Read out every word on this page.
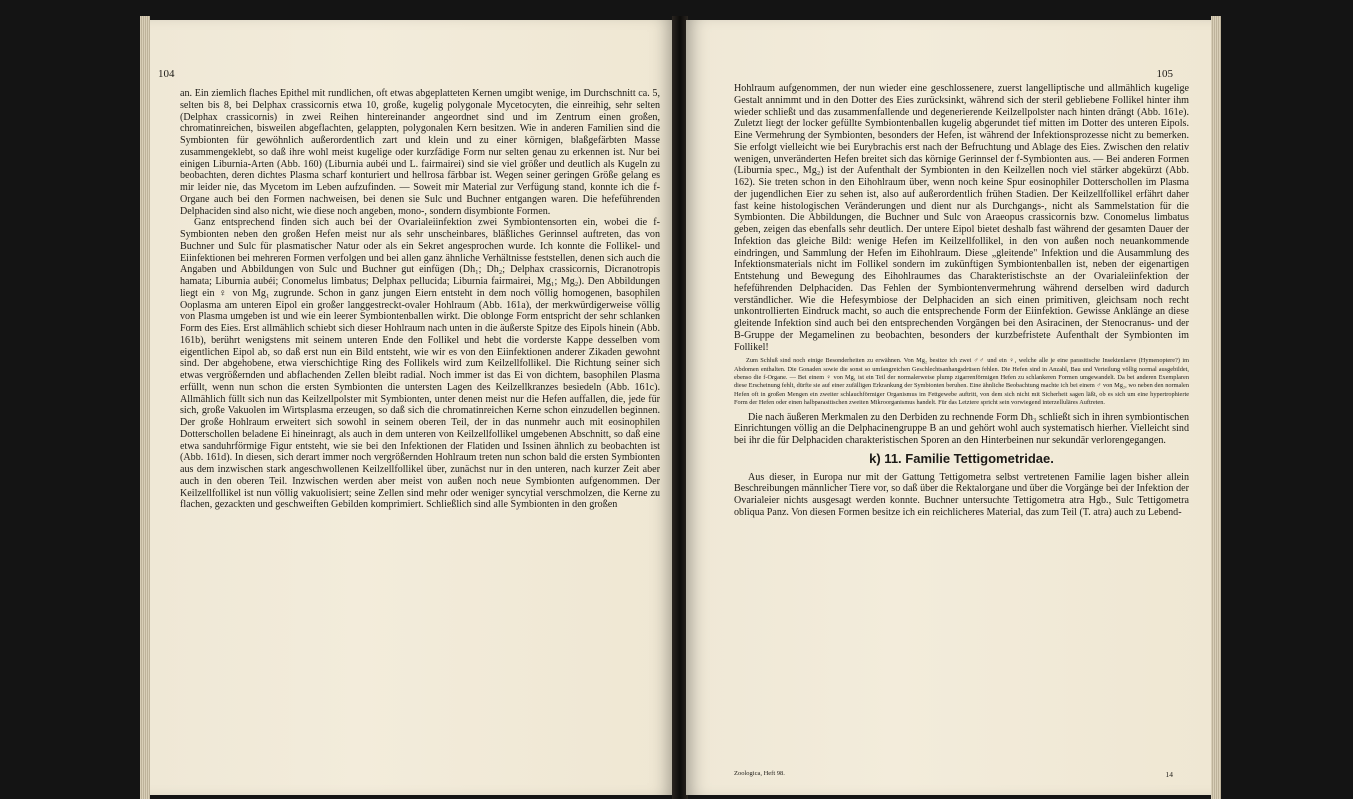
104

an. Ein ziemlich flaches Epithel mit rundlichen, oft etwas abgeplatteten Kernen umgibt wenige, im Durchschnitt ca. 5, selten bis 8, bei Delphax crassicornis etwa 10, große, kugelig polygonale Mycetocyten, die einreihig, sehr selten (Delphax crassicornis) in zwei Reihen hintereinander angeordnet sind und im Zentrum einen großen, chromatinreichen, bisweilen abgeflachten, gelappten, polygonalen Kern besitzen. Wie in anderen Familien sind die Symbionten für gewöhnlich außerordentlich zart und klein und zu einer körnigen, blaßgefärbten Masse zusammengeklebt, so daß ihre wohl meist kugelige oder kurzfädige Form nur selten genau zu erkennen ist. Nur bei einigen Liburnia-Arten (Abb. 160) (Liburnia aubéi und L. fairmairei) sind sie viel größer und deutlich als Kugeln zu beobachten, deren dichtes Plasma scharf konturiert und hellrosa färbbar ist. Wegen seiner geringen Größe gelang es mir leider nie, das Mycetom im Leben aufzufinden. — Soweit mir Material zur Verfügung stand, konnte ich die f-Organe auch bei den Formen nachweisen, bei denen sie Sulc und Buchner entgangen waren. Die hefeführenden Delphaciden sind also nicht, wie diese noch angeben, mono-, sondern disymbionte Formen.

Ganz entsprechend finden sich auch bei der Ovarialeiinfektion zwei Symbiontensorten ein, wobei die f-Symbionten neben den großen Hefen meist nur als sehr unscheinbares, bläßliches Gerinnsel auftreten, das von Buchner und Sulc für plasmatischer Natur oder als ein Sekret angesprochen wurde. Ich konnte die Follikel- und Eiinfektionen bei mehreren Formen verfolgen und bei allen ganz ähnliche Verhältnisse feststellen, denen sich auch die Angaben und Abbildungen von Sulc und Buchner gut einfügen (Dh₁; Dh₂; Delphax crassicornis, Dicranotropis hamata; Liburnia aubéi; Conomelus limbatus; Delphax pellucida; Liburnia fairmairei, Mg₁; Mg₂). Den Abbildungen liegt ein ♀ von Mg₁ zugrunde. Schon in ganz jungen Eiern entsteht in dem noch völlig homogenen, basophilen Ooplasma am unteren Eipol ein großer langgestreckt-ovaler Hohlraum (Abb. 161a), der merkwürdigerweise völlig von Plasma umgeben ist und wie ein leerer Symbiontenballen wirkt. Die oblonge Form entspricht der sehr schlanken Form des Eies. Erst allmählich schiebt sich dieser Hohlraum nach unten in die äußerste Spitze des Eipols hinein (Abb. 161b), berührt wenigstens mit seinem unteren Ende den Follikel und hebt die vorderste Kappe desselben vom eigentlichen Eipol ab, so daß erst nun ein Bild entsteht, wie wir es von den Eiinfektionen anderer Zikaden gewohnt sind. Der abgehobene, etwa vierschichtige Ring des Follikels wird zum Keilzellfollikel. Die Richtung seiner sich etwas vergrößernden und abflachenden Zellen bleibt radial. Noch immer ist das Ei von dichtem, basophilen Plasma erfüllt, wenn nun schon die ersten Symbionten die untersten Lagen des Keilzellkranzes besiedeln (Abb. 161c). Allmählich füllt sich nun das Keilzellpolster mit Symbionten, unter denen meist nur die Hefen auffallen, die, jede für sich, große Vakuolen im Wirtsplasma erzeugen, so daß sich die chromatinreichen Kerne schon einzudellen beginnen. Der große Hohlraum erweitert sich sowohl in seinem oberen Teil, der in das nunmehr auch mit eosinophilen Dotterschollen beladene Ei hineinragt, als auch in dem unteren von Keilzellfollikel umgebenen Abschnitt, so daß eine etwa sanduhrförmige Figur entsteht, wie sie bei den Infektionen der Flatiden und Issinen ähnlich zu beobachten ist (Abb. 161d). In diesen, sich derart immer noch vergrößernden Hohlraum treten nun schon bald die ersten Symbionten aus dem inzwischen stark angeschwollenen Keilzellfollikel über, zunächst nur in den unteren, nach kurzer Zeit aber auch in den oberen Teil. Inzwischen werden aber meist von außen noch neue Symbionten aufgenommen. Der Keilzellfollikel ist nun völlig vakuolisiert; seine Zellen sind mehr oder weniger syncytial verschmolzen, die Kerne zu flachen, gezackten und geschweiften Gebilden komprimiert. Schließlich sind alle Symbionten in den großen

105

Hohlraum aufgenommen, der nun wieder eine geschlossenere, zuerst langelliptische und allmählich kugelige Gestalt annimmt und in den Dotter des Eies zurücksinkt, während sich der steril gebliebene Follikel hinter ihm wieder schließt und das zusammenfallende und degenerierende Keilzellpolster nach hinten drängt (Abb. 161e). Zuletzt liegt der locker gefüllte Symbiontenballen kugelig abgerundet tief mitten im Dotter des unteren Eipols. Eine Vermehrung der Symbionten, besonders der Hefen, ist während der Infektionsprozesse nicht zu bemerken. Sie erfolgt vielleicht wie bei Eurybrachis erst nach der Befruchtung und Ablage des Eies. Zwischen den relativ wenigen, unveränderten Hefen breitet sich das körnige Gerinnsel der f-Symbionten aus. — Bei anderen Formen (Liburnia spec., Mg₂) ist der Aufenthalt der Symbionten in den Keilzellen noch viel stärker abgekürzt (Abb. 162). Sie treten schon in den Eihohlraum über, wenn noch keine Spur eosinophiler Dotterschollen im Plasma der jugendlichen Eier zu sehen ist, also auf außerordentlich frühen Stadien. Der Keilzellfollikel erfährt daher fast keine histologischen Veränderungen und dient nur als Durchgangs-, nicht als Sammelstation für die Symbionten. Die Abbildungen, die Buchner und Sulc von Araeopus crassicornis bzw. Conomelus limbatus geben, zeigen das ebenfalls sehr deutlich. Der untere Eipol bietet deshalb fast während der gesamten Dauer der Infektion das gleiche Bild: wenige Hefen im Keilzellfollikel, in den von außen noch neuankommende eindringen, und Sammlung der Hefen im Eihohlraum. Diese „gleitende" Infektion und die Ausammlung des Infektionsmaterials nicht im Follikel sondern im zukünftigen Symbiontenballen ist, neben der eigenartigen Entstehung und Bewegung des Eihohlraumes das Charakteristischste an der Ovarialeiinfektion der hefeführenden Delphaciden. Das Fehlen der Symbiontenvermehrung während derselben wird dadurch verständlicher. Wie die Hefesymbiose der Delphaciden an sich einen primitiven, gleichsam noch recht unkontrollierten Eindruck macht, so auch die entsprechende Form der Eiinfektion. Gewisse Anklänge an diese gleitende Infektion sind auch bei den entsprechenden Vorgängen bei den Asiracinen, der Stenocranus- und der B-Gruppe der Megamelinen zu beobachten, besonders der kurzbefristete Aufenthalt der Symbionten im Follikel!

Zum Schluß sind noch einige Besonderheiten zu erwähnen. Von Mg₂ besitze ich zwei ♂♂ und ein ♀, welche alle je eine parasitische Insektenlarve (Hymenoptere?) im Abdomen enthalten. Die Gonaden sowie die sonst so umfangreichen Geschlechtsanhangsdrüsen fehlen. Die Hefen sind in Anzahl, Bau und Verteilung völlig normal ausgebildet, ebenso die f-Organe. — Bei einem ♀ von Mg₁ ist ein Teil der normalerweise plump zigarrenförmigen Hefen zu schlankeren Formen umgewandelt. Da bei anderen Exemplaren diese Erscheinung fehlt, dürfte sie auf einer zufälligen Erkrankung der Symbionten beruhen. Eine ähnliche Beobachtung machte ich bei einem ♂ von Mg₂, wo neben den normalen Hefen oft in großen Mengen ein zweiter schlauchförmiger Organismus im Fettgewebe auftritt, von dem sich nicht mit Sicherheit sagen läßt, ob es sich um eine hypertrophierte Form der Hefen oder einen halbparasitischen zweiten Mikroorganismus handelt. Für das Letztere spricht sein vorwiegend interzelluläres Auftreten.

Die nach äußeren Merkmalen zu den Derbiden zu rechnende Form Dh₃ schließt sich in ihren symbiontischen Einrichtungen völlig an die Delphacinengruppe B an und gehört wohl auch systematisch hierher. Vielleicht sind bei ihr die für Delphaciden charakteristischen Sporen an den Hinterbeinen nur sekundär verlorengegangen.

k) 11. Familie Tettigometridae.

Aus dieser, in Europa nur mit der Gattung Tettigometra selbst vertretenen Familie lagen bisher allein Beschreibungen männlicher Tiere vor, so daß über die Rektalorgane und über die Vorgänge bei der Infektion der Ovarialeier nichts ausgesagt werden konnte. Buchner untersuchte Tettigometra atra Hgb., Sulc Tettigometra obliqua Panz. Von diesen Formen besitze ich ein reichlicheres Material, das zum Teil (T. atra) auch zu Lebend-

Zoologica, Heft 98.	14
